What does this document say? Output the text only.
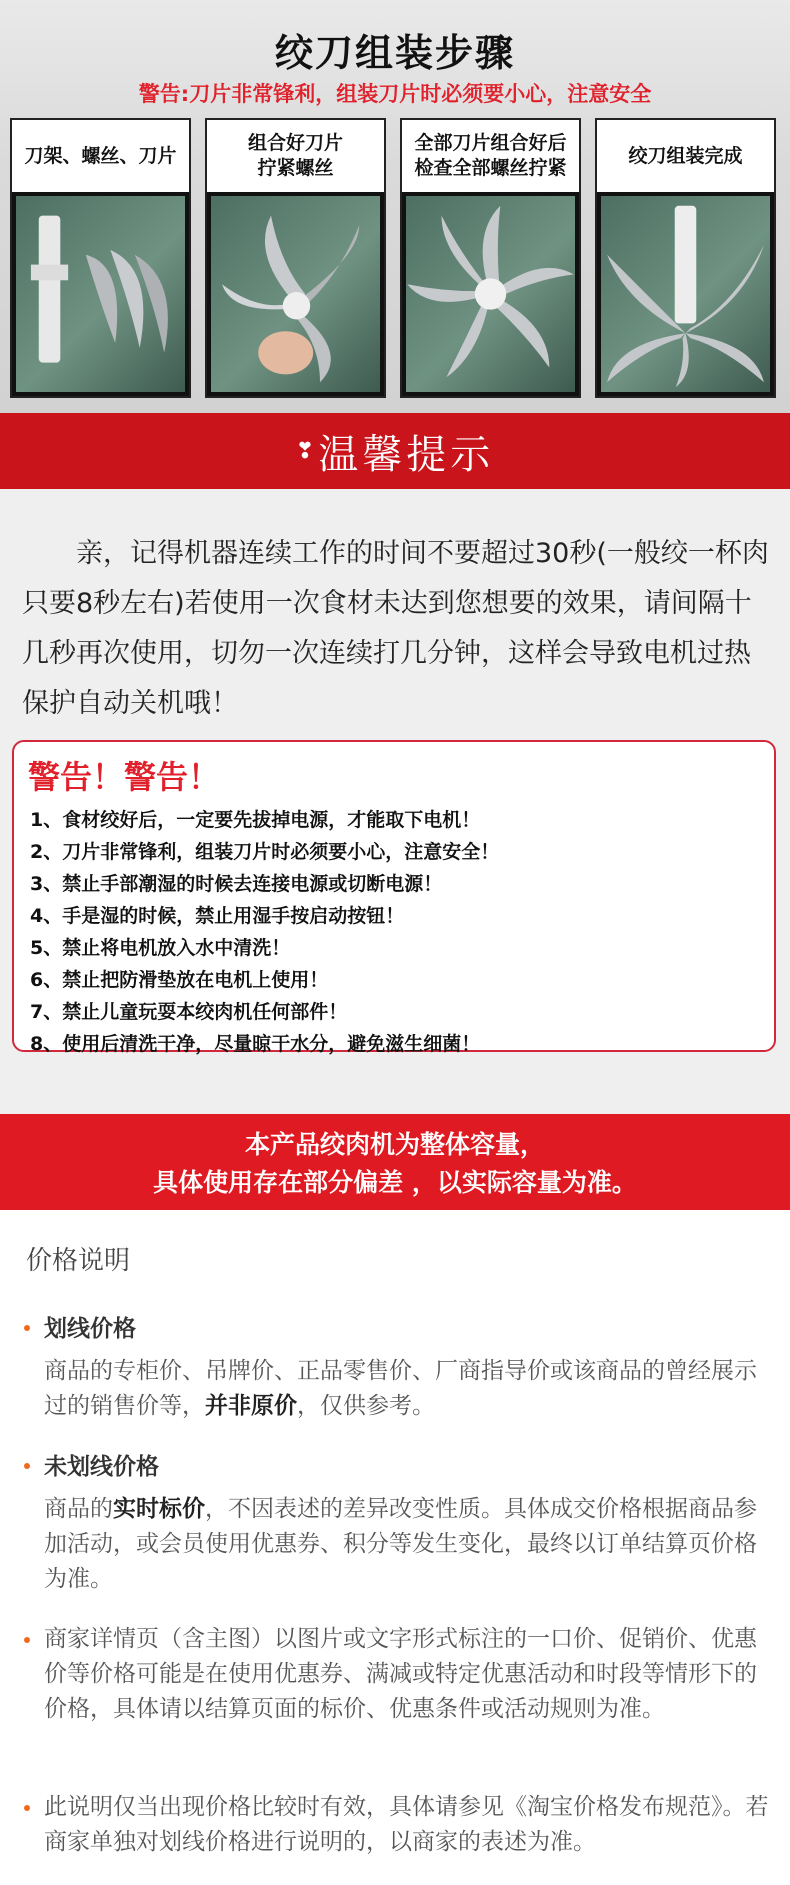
绞刀组装步骤
警告:刀片非常锋利，组装刀片时必须要小心，注意安全
刀架、螺丝、刀片
组合好刀片
拧紧螺丝
全部刀片组合好后
检查全部螺丝拧紧
绞刀组装完成
❣ 温馨提示
亲，记得机器连续工作的时间不要超过30秒(一般绞一杯肉只要8秒左右)若使用一次食材未达到您想要的效果，请间隔十几秒再次使用，切勿一次连续打几分钟，这样会导致电机过热保护自动关机哦！
警告！警告！
1、食材绞好后，一定要先拔掉电源，才能取下电机！
2、刀片非常锋利，组装刀片时必须要小心，注意安全！
3、禁止手部潮湿的时候去连接电源或切断电源！
4、手是湿的时候，禁止用湿手按启动按钮！
5、禁止将电机放入水中清洗！
6、禁止把防滑垫放在电机上使用！
7、禁止儿童玩耍本绞肉机任何部件！
8、使用后清洗干净，尽量晾干水分，避免滋生细菌！
本产品绞肉机为整体容量，
具体使用存在部分偏差 ，以实际容量为准。
价格说明
划线价格
商品的专柜价、吊牌价、正品零售价、厂商指导价或该商品的曾经展示过的销售价等，并非原价，仅供参考。
未划线价格
商品的实时标价，不因表述的差异改变性质。具体成交价格根据商品参加活动，或会员使用优惠券、积分等发生变化，最终以订单结算页价格为准。
商家详情页（含主图）以图片或文字形式标注的一口价、促销价、优惠价等价格可能是在使用优惠券、满减或特定优惠活动和时段等情形下的价格，具体请以结算页面的标价、优惠条件或活动规则为准。
此说明仅当出现价格比较时有效，具体请参见《淘宝价格发布规范》。若商家单独对划线价格进行说明的，以商家的表述为准。
